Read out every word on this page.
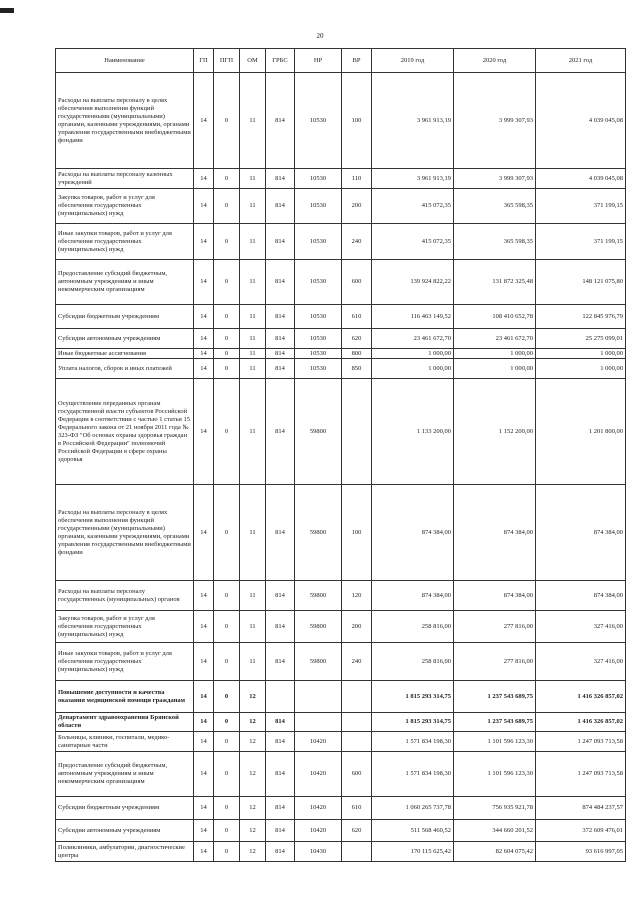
20
Наименование	ГП	ПГП	ОМ	ГРБС	НР	ВР	2019 год	2020 год	2021 год
Расходы на выплаты персоналу в целях обеспечения выполнения функций государственными (муниципальными) органами, казенными учреждениями, органами управления государственными внебюджетными фондами	14	0	11	814	10530	100	3 961 913,19	3 999 307,93	4 039 045,08
Расходы на выплаты персоналу казенных учреждений	14	0	11	814	10530	110	3 961 913,19	3 999 307,93	4 039 045,08
Закупка товаров, работ и услуг для обеспечения государственных (муниципальных) нужд	14	0	11	814	10530	200	415 072,35	365 598,35	371 199,15
Иные закупки товаров, работ и услуг для обеспечения государственных (муниципальных) нужд	14	0	11	814	10530	240	415 072,35	365 598,35	371 199,15
Предоставление субсидий бюджетным, автономным учреждениям и иным некоммерческим организациям	14	0	11	814	10530	600	139 924 822,22	131 872 325,48	148 121 075,80
Субсидии бюджетным учреждениям	14	0	11	814	10530	610	116 463 149,52	108 410 652,78	122 845 976,79
Субсидии автономным учреждениям	14	0	11	814	10530	620	23 461 672,70	23 461 672,70	25 275 099,01
Иные бюджетные ассигнования	14	0	11	814	10530	800	1 000,00	1 000,00	1 000,00
Уплата налогов, сборов и иных платежей	14	0	11	814	10530	850	1 000,00	1 000,00	1 000,00
Осуществление переданных органам государственной власти субъектов Российской Федерации в соответствии с частью 1 статьи 15 Федерального закона от 21 ноября 2011 года № 323-ФЗ "Об основах охраны здоровья граждан в Российской Федерации" полномочий Российской Федерации в сфере охраны здоровья	14	0	11	814	59800		1 133 200,00	1 152 200,00	1 201 800,00
Расходы на выплаты персоналу в целях обеспечения выполнения функций государственными (муниципальными) органами, казенными учреждениями, органами управления государственными внебюджетными фондами	14	0	11	814	59800	100	874 384,00	874 384,00	874 384,00
Расходы на выплаты персоналу государственных (муниципальных) органов	14	0	11	814	59800	120	874 384,00	874 384,00	874 384,00
Закупка товаров, работ и услуг для обеспечения государственных (муниципальных) нужд	14	0	11	814	59800	200	258 816,00	277 816,00	327 416,00
Иные закупки товаров, работ и услуг для обеспечения государственных (муниципальных) нужд	14	0	11	814	59800	240	258 816,00	277 816,00	327 416,00
Повышение доступности и качества оказания медицинской помощи гражданам	14	0	12				1 815 293 314,75	1 237 543 689,75	1 416 326 857,02
Департамент здравоохранения Брянской области	14	0	12	814			1 815 293 314,75	1 237 543 689,75	1 416 326 857,02
Больницы, клиники, госпитали, медико-санитарные части	14	0	12	814	10420		1 571 834 198,30	1 101 596 123,30	1 247 093 713,58
Предоставление субсидий бюджетным, автономным учреждениям и иным некоммерческим организациям	14	0	12	814	10420	600	1 571 834 198,30	1 101 596 123,30	1 247 093 713,58
Субсидии бюджетным учреждениям	14	0	12	814	10420	610	1 060 265 737,78	756 935 921,78	874 484 237,57
Субсидии автономным учреждениям	14	0	12	814	10420	620	511 568 460,52	344 660 201,52	372 609 476,01
Поликлиники, амбулатории, диагностические центры	14	0	12	814	10430		170 115 625,42	82 604 075,42	93 616 997,05
